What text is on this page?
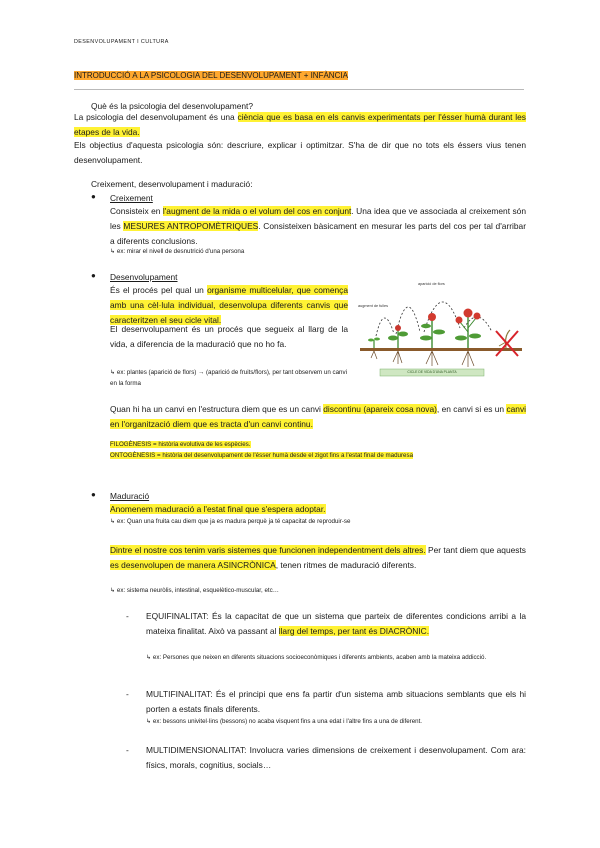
DESENVOLUPAMENT I CULTURA
INTRODUCCIÓ A LA PSICOLOGIA DEL DESENVOLUPAMENT + INFÀNCIA
Què és la psicologia del desenvolupament?
La psicologia del desenvolupament és una ciència que es basa en els canvis experimentats per l'ésser humà durant les etapes de la vida.
Els objectius d'aquesta psicologia són: descriure, explicar i optimitzar. S'ha de dir que no tots els éssers vius tenen desenvolupament.
Creixement, desenvolupament i maduració:
● Creixement
Consisteix en l'augment de la mida o el volum del cos en conjunt. Una idea que ve associada al creixement són les MESURES ANTROPOMÈTRIQUES. Consisteixen bàsicament en mesurar les parts del cos per tal d'arribar a diferents conclusions.
↳ ex: mirar el nivell de desnutrició d'una persona
● Desenvolupament
És el procés pel qual un organisme multicelular, que comença amb una cèl·lula individual, desenvolupa diferents canvis que caracteritzen el seu cicle vital.
El desenvolupament és un procés que segueix al llarg de la vida, a diferencia de la maduració que no ho fa.
↳ ex: plantes (aparició de flors) → (aparició de fruits/flors), per tant observem un canvi en la forma
augment de fulles
aparició de flors
CICLE DE VIDA D'UNA PLANTA
Quan hi ha un canvi en l'estructura diem que es un canvi discontinu (apareix cosa nova), en canvi si es un canvi en l'organització diem que es tracta d'un canvi continu.
FILOGÈNESIS = història evolutiva de les espècies.
ONTOGÈNESIS = història del desenvolupament de l'ésser humà desde el zigot fins a l'estat final de maduresa
● Maduració
Anomenem maduració a l'estat final que s'espera adoptar.
↳ ex: Quan una fruita cau diem que ja es madura perquè ja té capacitat de reproduir-se
Dintre el nostre cos tenim varis sistemes que funcionen independentment dels altres. Per tant diem que aquests es desenvolupen de manera ASINCRÒNICA, tenen ritmes de maduració diferents.
↳ ex: sistema neuròlis, intestinal, esquelètico-muscular, etc…
- EQUIFINALITAT: És la capacitat de que un sistema que parteix de diferentes condicions arribi a la mateixa finalitat. Això va passant al llarg del temps, per tant és DIACRÒNIC.
↳ ex: Persones que neixen en diferents situacions socioeconòmiques i diferents ambients, acaben amb la mateixa addicció.
- MULTIFINALITAT: És el principi que ens fa partir d'un sistema amb situacions semblants que els hi porten a estats finals diferents.
↳ ex: bessons univitel·lins (bessons) no acaba visquent fins a una edat i l'altre fins a una de diferent.
- MULTIDIMENSIONALITAT: Involucra varies dimensions de creixement i desenvolupament. Com ara: físics, morals, cognitius, socials…
